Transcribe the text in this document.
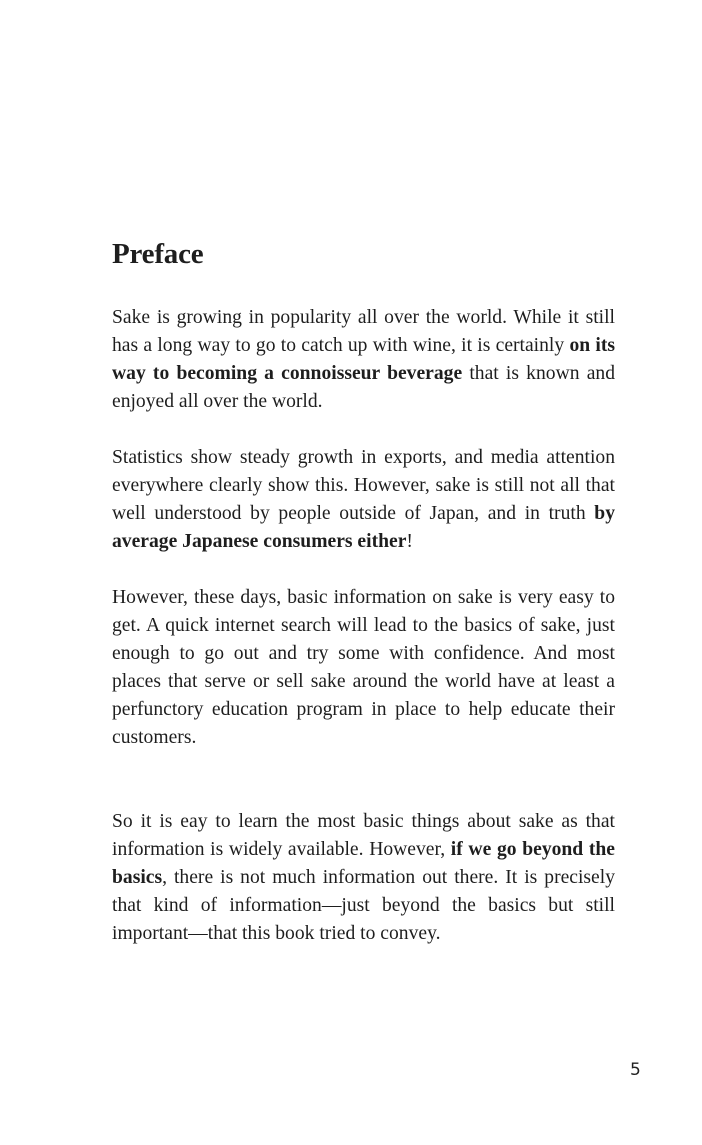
Preface

Sake is growing in popularity all over the world. While it still has a long way to go to catch up with wine, it is certainly on its way to becoming a connoisseur beverage that is known and enjoyed all over the world.

Statistics show steady growth in exports, and media attention everywhere clearly show this. However, sake is still not all that well understood by people outside of Japan, and in truth by average Japanese consumers either!

However, these days, basic information on sake is very easy to get. A quick internet search will lead to the basics of sake, just enough to go out and try some with confidence. And most places that serve or sell sake around the world have at least a perfunctory education program in place to help educate their customers.

So it is eay to learn the most basic things about sake as that information is widely available. However, if we go beyond the basics, there is not much information out there. It is precisely that kind of information—just beyond the basics but still important—that this book tried to convey.

5
